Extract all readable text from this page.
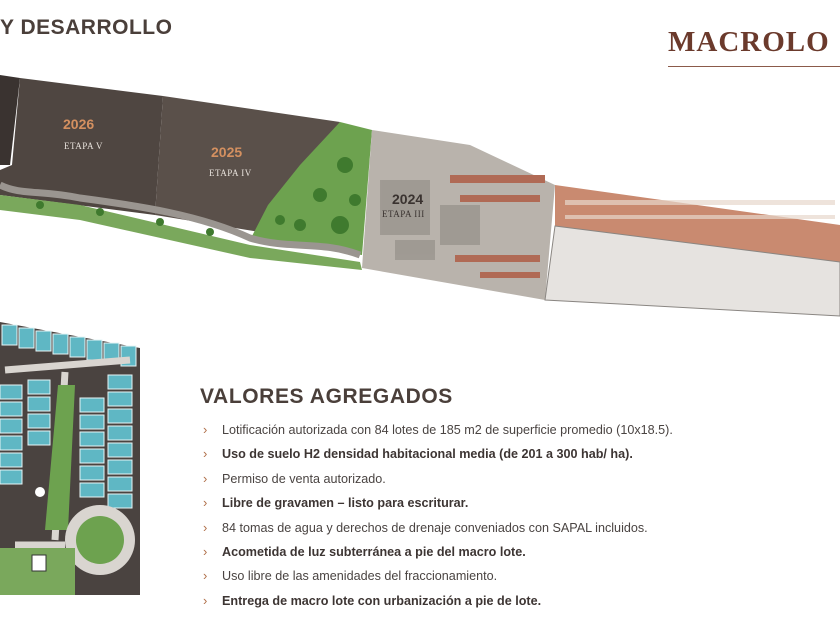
Y DESARROLLO	MACROLO
2026
ETAPA V	2025
ETAPA IV
2024
ETAPA III
VALORES AGREGADOS
› Lotificación autorizada con 84 lotes de 185 m2 de superficie promedio (10x18.5).
› Uso de suelo H2 densidad habitacional media (de 201 a 300 hab/ ha).
› Permiso de venta autorizado.
› Libre de gravamen – listo para escriturar.
› 84 tomas de agua y derechos de drenaje conveniados con SAPAL incluidos.
› Acometida de luz subterránea a pie del macro lote.
› Uso libre de las amenidades del fraccionamiento.
› Entrega de macro lote con urbanización a pie de lote.
